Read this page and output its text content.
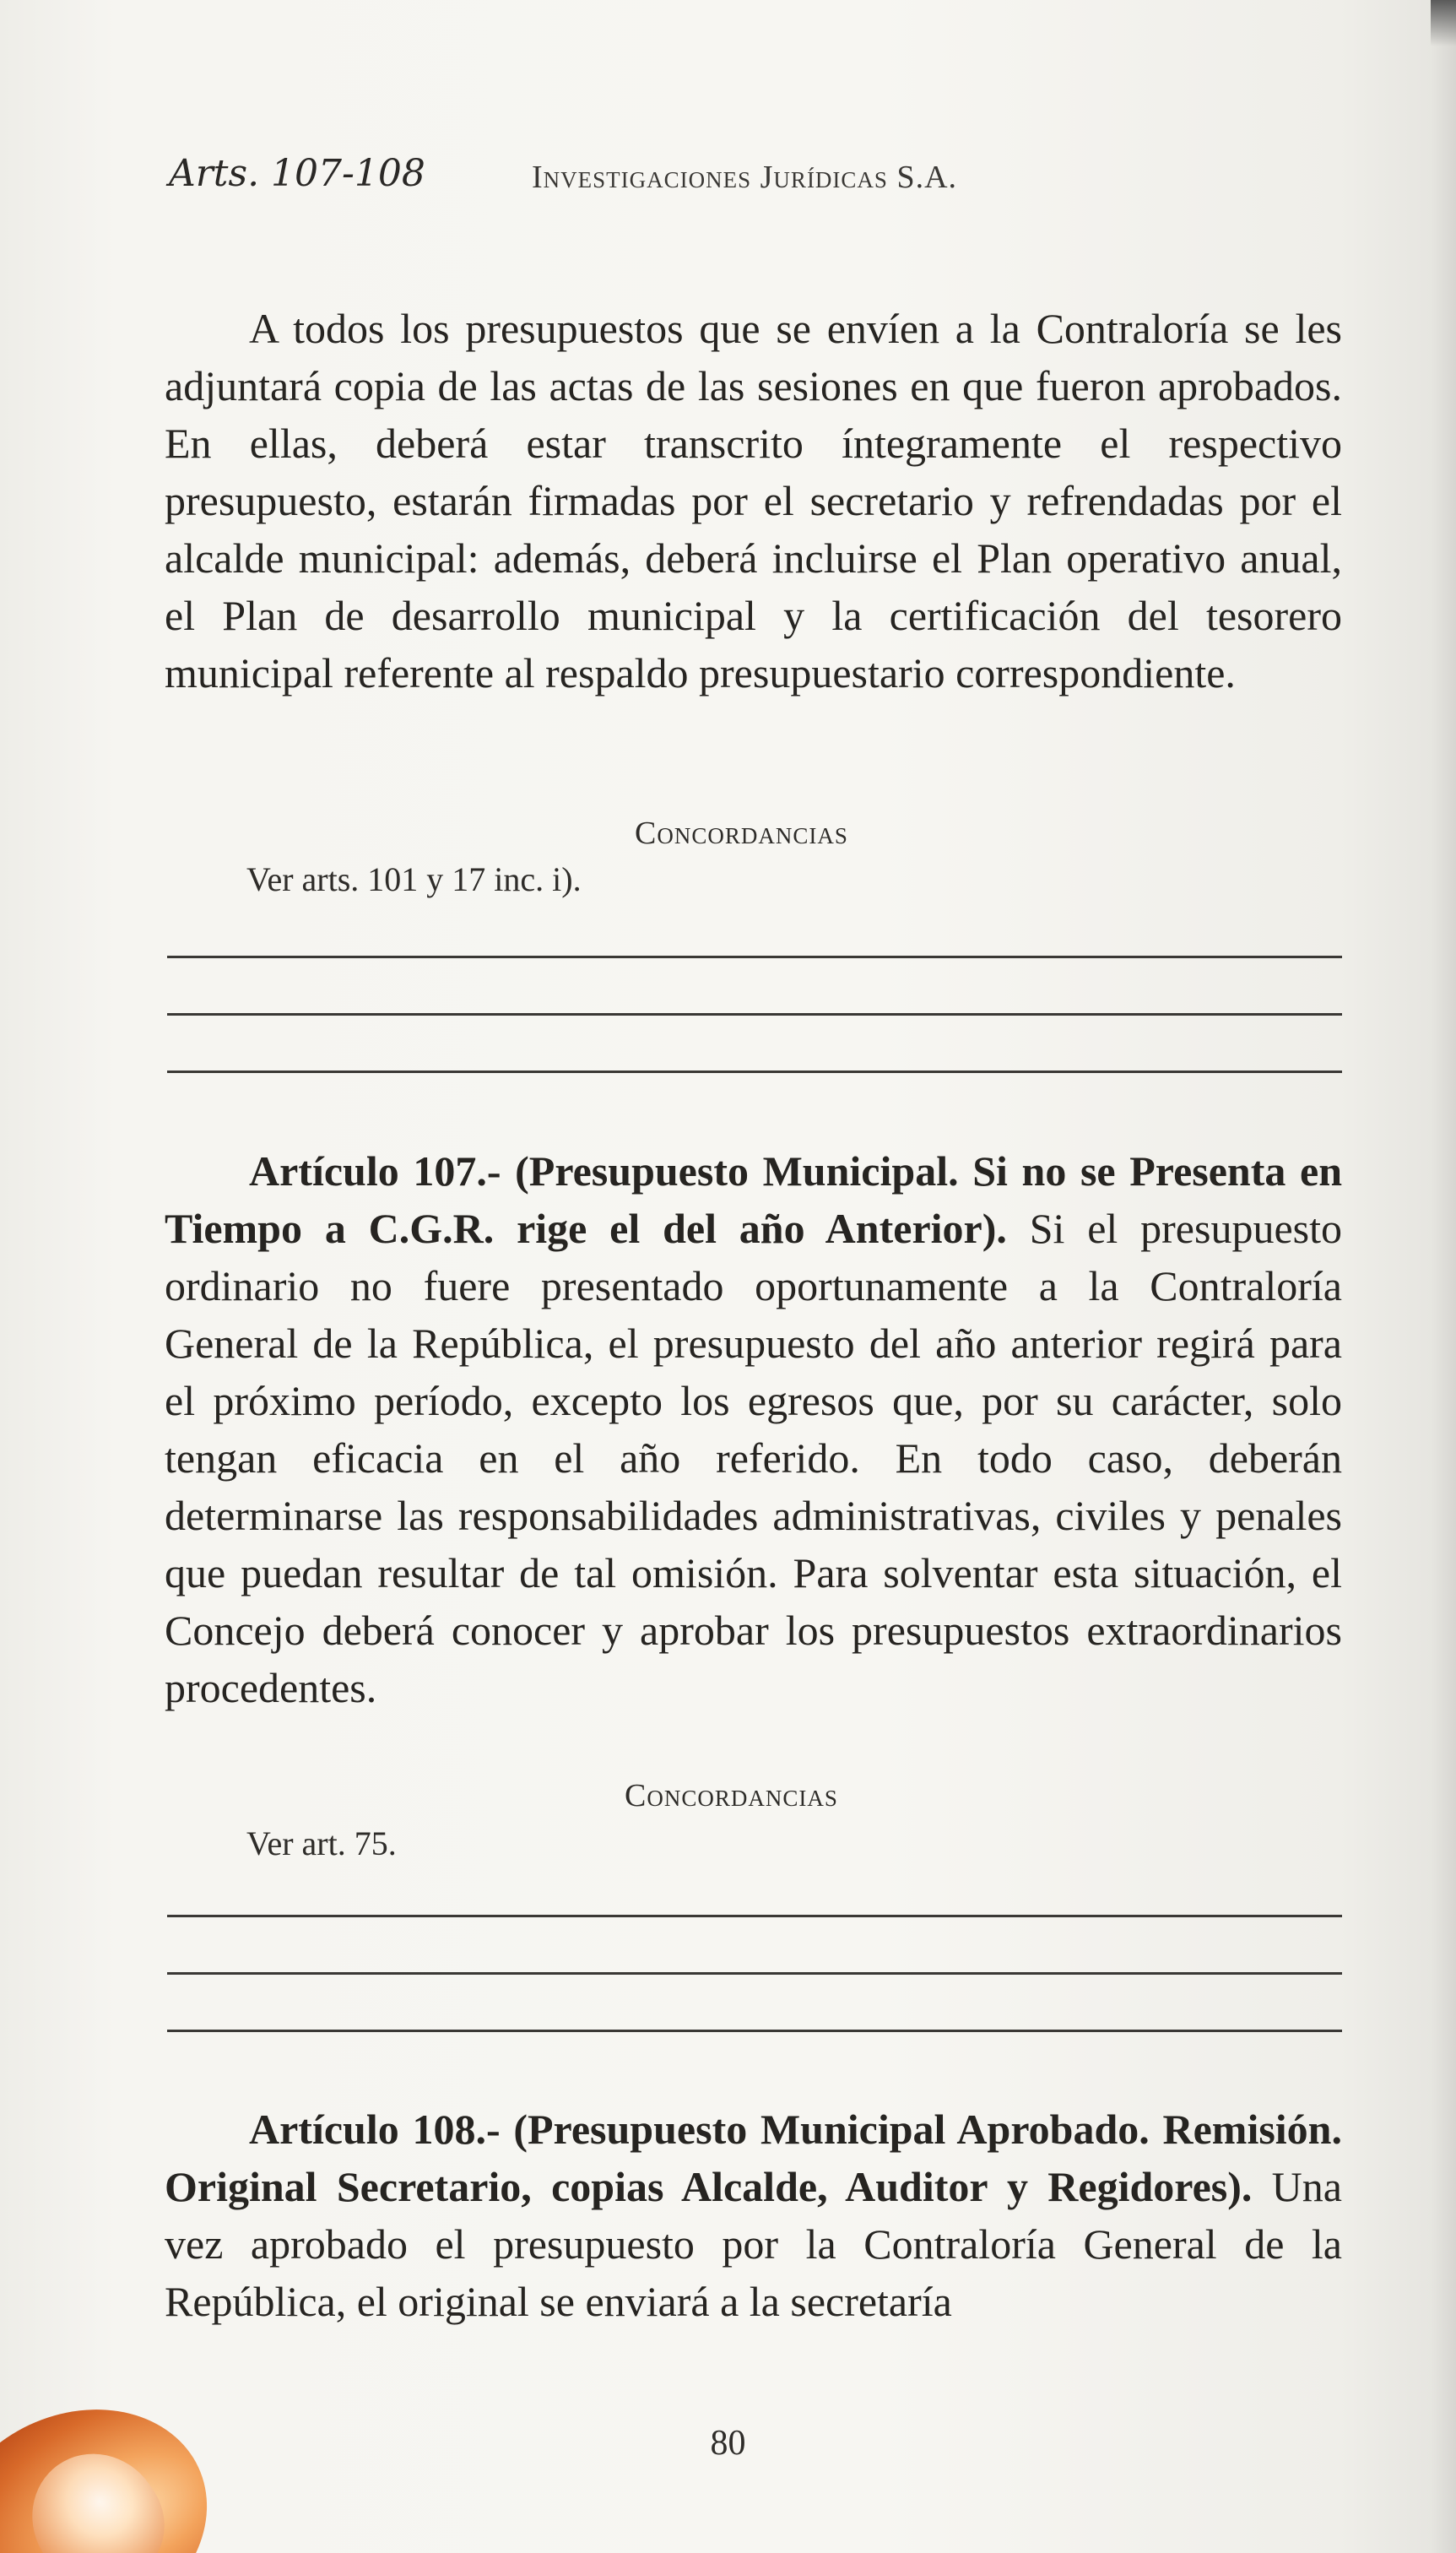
Arts. 107-108	Investigaciones Jurídicas S.A.

A todos los presupuestos que se envíen a la Contraloría se les adjuntará copia de las actas de las sesiones en que fueron aprobados. En ellas, deberá estar transcrito íntegramente el respectivo presupuesto, estarán firmadas por el secretario y refrendadas por el alcalde municipal: además, deberá incluirse el Plan operativo anual, el Plan de desarrollo municipal y la certificación del tesorero municipal referente al respaldo presupuestario correspondiente.

Concordancias
Ver arts. 101 y 17 inc. i).

Artículo 107.- (Presupuesto Municipal. Si no se Presenta en Tiempo a C.G.R. rige el del año Anterior). Si el presupuesto ordinario no fuere presentado oportunamente a la Contraloría General de la República, el presupuesto del año anterior regirá para el próximo período, excepto los egresos que, por su carácter, solo tengan eficacia en el año referido. En todo caso, deberán determinarse las responsabilidades administrativas, civiles y penales que puedan resultar de tal omisión. Para solventar esta situación, el Concejo deberá conocer y aprobar los presupuestos extraordinarios procedentes.

Concordancias
Ver art. 75.

Artículo 108.- (Presupuesto Municipal Aprobado. Remisión. Original Secretario, copias Alcalde, Auditor y Regidores). Una vez aprobado el presupuesto por la Contraloría General de la República, el original se enviará a la secretaría

80
